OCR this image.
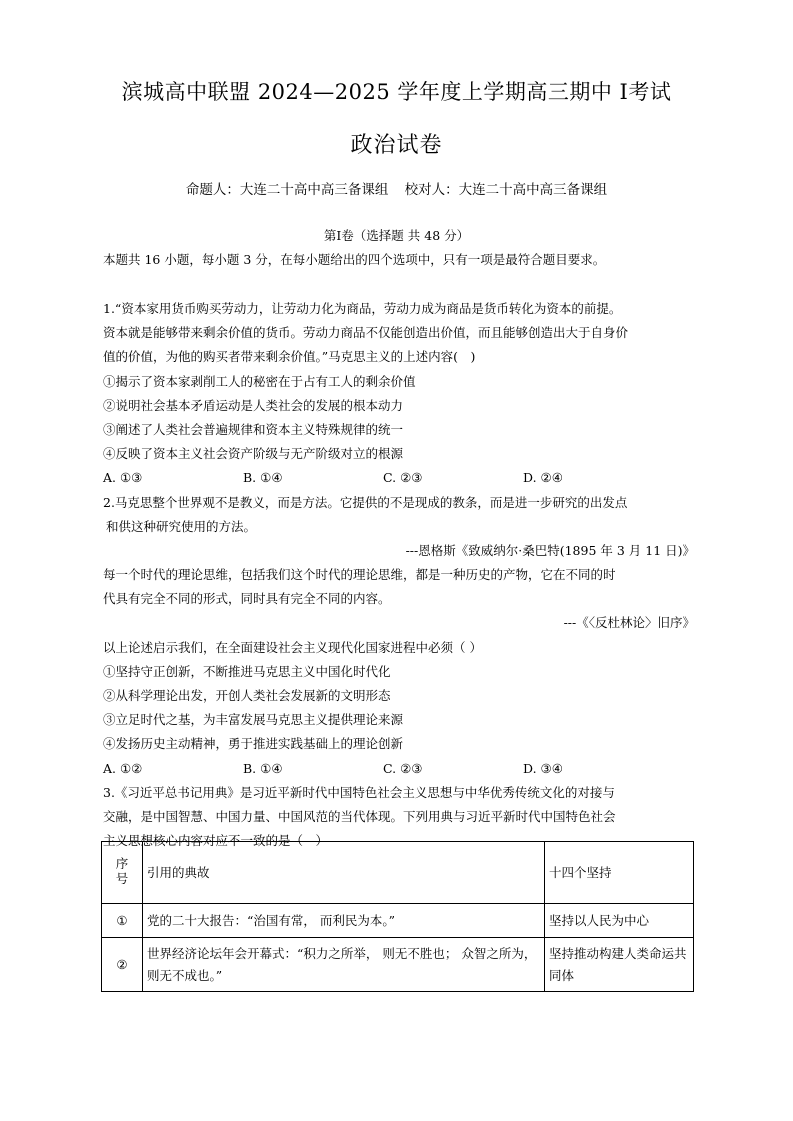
滨城高中联盟 2024—2025 学年度上学期高三期中 Ⅰ考试
政治试卷
命题人：大连二十高中高三备课组 校对人：大连二十高中高三备课组
第Ⅰ卷（选择题 共 48 分）
本题共 16 小题，每小题 3 分，在每小题给出的四个选项中，只有一项是最符合题目要求。
1.“资本家用货币购买劳动力，让劳动力化为商品，劳动力成为商品是货币转化为资本的前提。
资本就是能够带来剩余价值的货币。劳动力商品不仅能创造出价值，而且能够创造出大于自身价
值的价值，为他的购买者带来剩余价值。”马克思主义的上述内容(　)
①揭示了资本家剥削工人的秘密在于占有工人的剩余价值
②说明社会基本矛盾运动是人类社会的发展的根本动力
③阐述了人类社会普遍规律和资本主义特殊规律的统一
④反映了资本主义社会资产阶级与无产阶级对立的根源
A. ①③	B. ①④	C. ②③	D. ②④
2.马克思整个世界观不是教义，而是方法。它提供的不是现成的教条，而是进一步研究的出发点
和供这种研究使用的方法。
---恩格斯《致威纳尔·桑巴特(1895 年 3 月 11 日)》
每一个时代的理论思维，包括我们这个时代的理论思维，都是一种历史的产物，它在不同的时
代具有完全不同的形式，同时具有完全不同的内容。
---《〈反杜林论〉旧序》
以上论述启示我们，在全面建设社会主义现代化国家进程中必须（ ）
①坚持守正创新，不断推进马克思主义中国化时代化
②从科学理论出发，开创人类社会发展新的文明形态
③立足时代之基，为丰富发展马克思主义提供理论来源
④发扬历史主动精神，勇于推进实践基础上的理论创新
A. ①②	B. ①④	C. ②③	D. ③④
3.《习近平总书记用典》是习近平新时代中国特色社会主义思想与中华优秀传统文化的对接与
交融，是中国智慧、中国力量、中国风范的当代体现。下列用典与习近平新时代中国特色社会
主义思想核心内容对应不一致的是（　）
序号	引用的典故	十四个坚持
①	党的二十大报告：“治国有常， 而利民为本。”	坚持以人民为中心
②	世界经济论坛年会开幕式：“积力之所举， 则无不胜也； 众智之所为， 则无不成也。”	坚持推动构建人类命运共同体
